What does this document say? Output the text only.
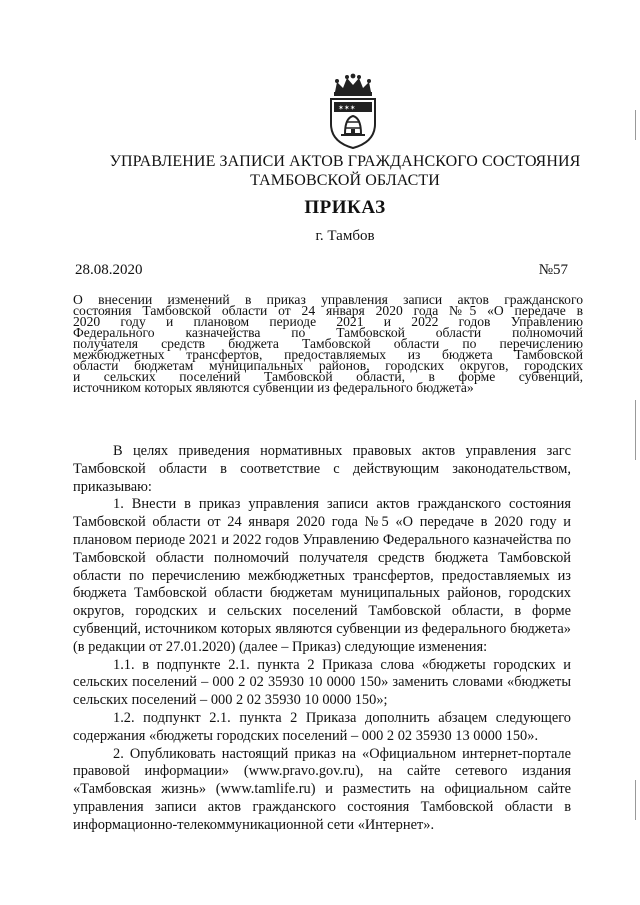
✶✶✶
УПРАВЛЕНИЕ ЗАПИСИ АКТОВ ГРАЖДАНСКОГО СОСТОЯНИЯ
ТАМБОВСКОЙ ОБЛАСТИ
ПРИКАЗ
г. Тамбов
28.08.2020	№57
О внесении изменений в приказ управления записи актов гражданского
состояния Тамбовской области от 24 января 2020 года №5 «О передаче в
2020 году и плановом периоде 2021 и 2022 годов Управлению
Федерального казначейства по Тамбовской области полномочий
получателя средств бюджета Тамбовской области по перечислению
межбюджетных трансфертов, предоставляемых из бюджета Тамбовской
области бюджетам муниципальных районов, городских округов, городских
и сельских поселений Тамбовской области, в форме субвенций,
источником которых являются субвенции из федерального бюджета»

В целях приведения нормативных правовых актов управления загс Тамбовской области в соответствие с действующим законодательством, приказываю:

1. Внести в приказ управления записи актов гражданского состояния Тамбовской области от 24 января 2020 года №5 «О передаче в 2020 году и плановом периоде 2021 и 2022 годов Управлению Федерального казначейства по Тамбовской области полномочий получателя средств бюджета Тамбовской области по перечислению межбюджетных трансфертов, предоставляемых из бюджета Тамбовской области бюджетам муниципальных районов, городских округов, городских и сельских поселений Тамбовской области, в форме субвенций, источником которых являются субвенции из федерального бюджета» (в редакции от 27.01.2020) (далее – Приказ) следующие изменения:

1.1. в подпункте 2.1. пункта 2 Приказа слова «бюджеты городских и сельских поселений – 000 2 02 35930 10 0000 150» заменить словами «бюджеты сельских поселений – 000 2 02 35930 10 0000 150»;

1.2. подпункт 2.1. пункта 2 Приказа дополнить абзацем следующего содержания «бюджеты городских поселений – 000 2 02 35930 13 0000 150».

2. Опубликовать настоящий приказ на «Официальном интернет-портале правовой информации» (www.pravo.gov.ru), на сайте сетевого издания «Тамбовская жизнь» (www.tamlife.ru) и разместить на официальном сайте управления записи актов гражданского состояния Тамбовской области в информационно-телекоммуникационной сети «Интернет».
